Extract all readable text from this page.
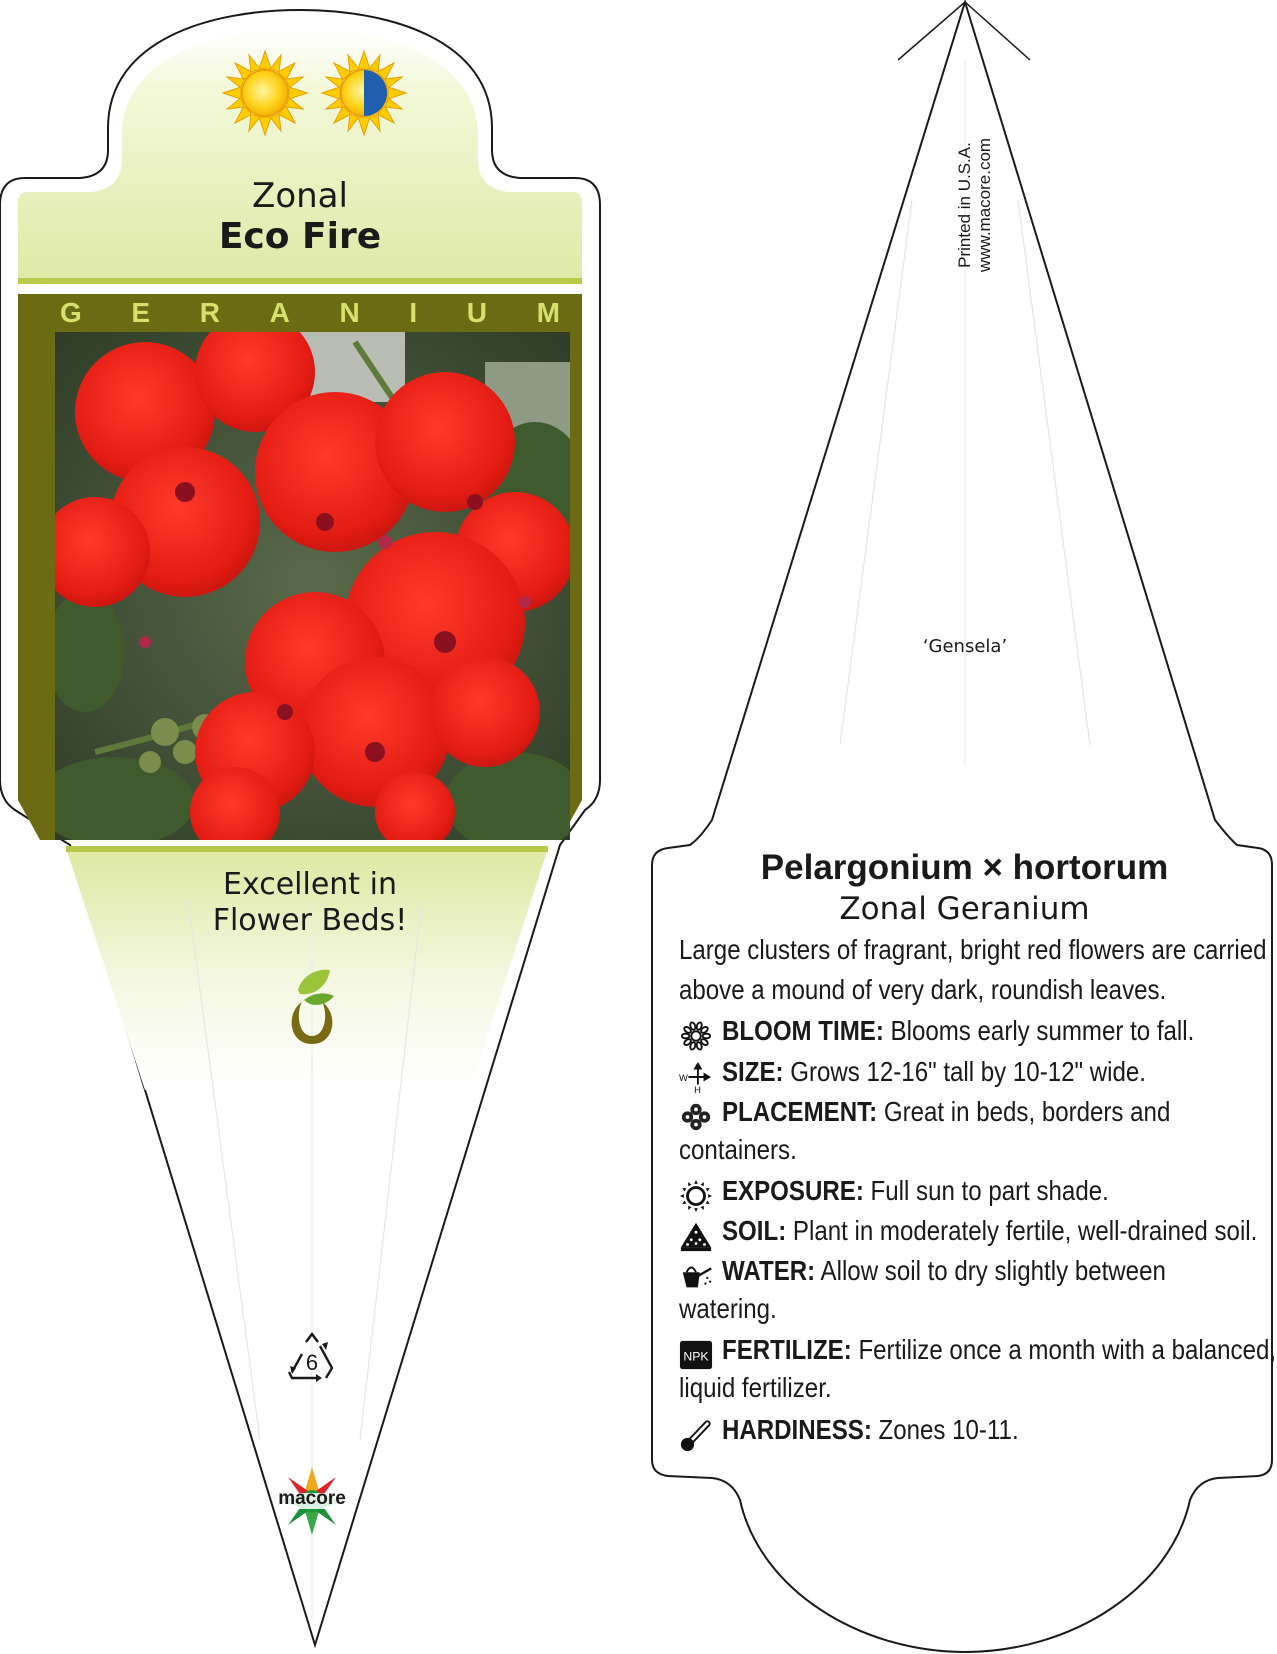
Zonal
Eco Fire
G E R A N I U M
Excellent in
Flower Beds!
6
macore
Printed in U.S.A. www.macore.com
‘Gensela’
Pelargonium × hortorum
Zonal Geranium
Large clusters of fragrant, bright red flowers are carried
above a mound of very dark, roundish leaves.
BLOOM TIME: Blooms early summer to fall.
W
H
SIZE: Grows 12-16" tall by 10-12" wide.
PLACEMENT: Great in beds, borders and
containers.
EXPOSURE: Full sun to part shade.
SOIL: Plant in moderately fertile, well-drained soil.
WATER: Allow soil to dry slightly between
watering.
NPK FERTILIZE: Fertilize once a month with a balanced,
liquid fertilizer.
HARDINESS: Zones 10-11.
